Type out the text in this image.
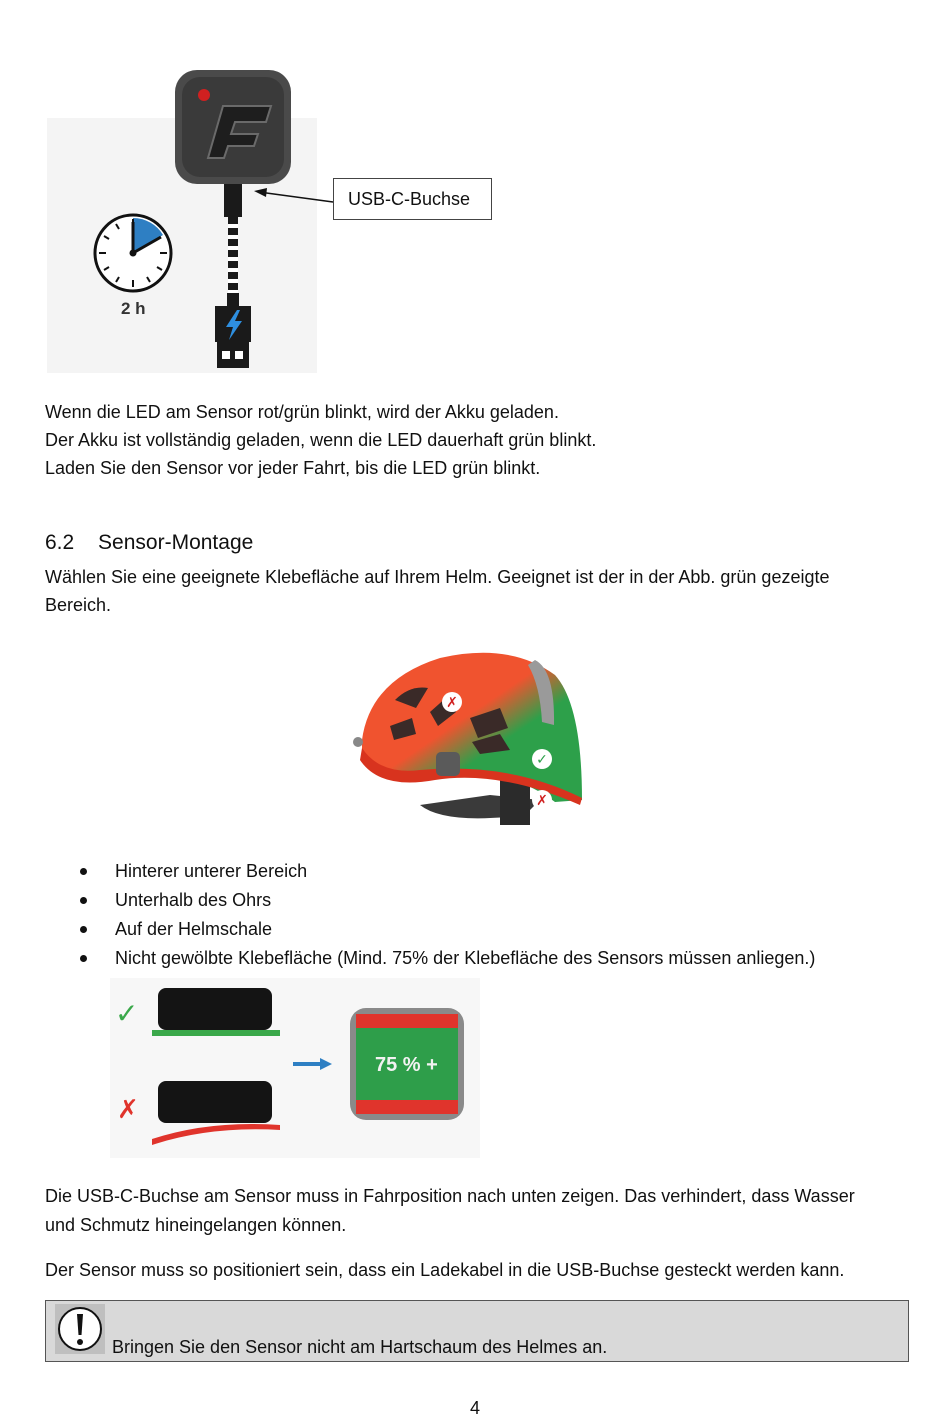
2 h
USB-C-Buchse
Wenn die LED am Sensor rot/grün blinkt, wird der Akku geladen.
Der Akku ist vollständig geladen, wenn die LED dauerhaft grün blinkt.
Laden Sie den Sensor vor jeder Fahrt, bis die LED grün blinkt.
6.2 Sensor-Montage
Wählen Sie eine geeignete Klebefläche auf Ihrem Helm. Geeignet ist der in der Abb. grün gezeigte
Bereich.
✗
✓
✗
Hinterer unterer Bereich
Unterhalb des Ohrs
Auf der Helmschale
Nicht gewölbte Klebefläche (Mind. 75% der Klebefläche des Sensors müssen anliegen.)
✓
✗
75 % +
Die USB-C-Buchse am Sensor muss in Fahrposition nach unten zeigen. Das verhindert, dass Wasser
und Schmutz hineingelangen können.
Der Sensor muss so positioniert sein, dass ein Ladekabel in die USB-Buchse gesteckt werden kann.
Bringen Sie den Sensor nicht am Hartschaum des Helmes an.
4
